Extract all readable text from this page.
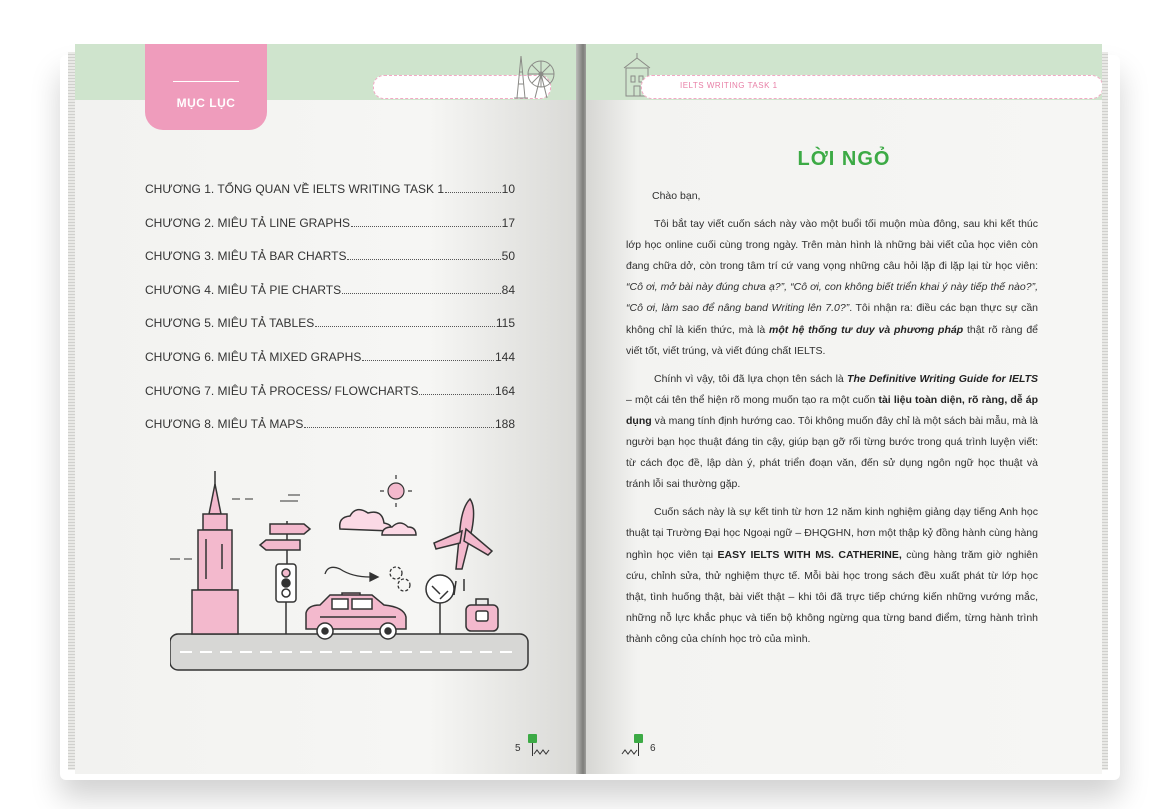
MỤC LỤC
CHƯƠNG 1. TỔNG QUAN VỀ IELTS WRITING TASK 1	10
CHƯƠNG 2. MIÊU TẢ LINE GRAPHS	17
CHƯƠNG 3. MIÊU TẢ BAR CHARTS	50
CHƯƠNG 4. MIÊU TẢ PIE CHARTS	84
CHƯƠNG 5. MIÊU TẢ TABLES	115
CHƯƠNG 6. MIÊU TẢ MIXED GRAPHS	144
CHƯƠNG 7. MIÊU TẢ PROCESS/ FLOWCHARTS	164
CHƯƠNG 8. MIÊU TẢ MAPS	188
5
IELTS WRITING TASK 1
LỜI NGỎ

Chào bạn,

Tôi bắt tay viết cuốn sách này vào một buổi tối muộn mùa đông, sau khi kết thúc lớp học online cuối cùng trong ngày. Trên màn hình là những bài viết của học viên còn đang chữa dở, còn trong tâm trí cứ vang vọng những câu hỏi lặp đi lặp lại từ học viên: “Cô ơi, mở bài này đúng chưa ạ?”, “Cô ơi, con không biết triển khai ý này tiếp thế nào?”, “Cô ơi, làm sao để nâng band Writing lên 7.0?”. Tôi nhận ra: điều các bạn thực sự cần không chỉ là kiến thức, mà là một hệ thống tư duy và phương pháp thật rõ ràng để viết tốt, viết trúng, và viết đúng chất IELTS.

Chính vì vậy, tôi đã lựa chọn tên sách là The Definitive Writing Guide for IELTS – một cái tên thể hiện rõ mong muốn tạo ra một cuốn tài liệu toàn diện, rõ ràng, dễ áp dụng và mang tính định hướng cao. Tôi không muốn đây chỉ là một sách bài mẫu, mà là người bạn học thuật đáng tin cậy, giúp bạn gỡ rối từng bước trong quá trình luyện viết: từ cách đọc đề, lập dàn ý, phát triển đoạn văn, đến sử dụng ngôn ngữ học thuật và tránh lỗi sai thường gặp.

Cuốn sách này là sự kết tinh từ hơn 12 năm kinh nghiệm giảng dạy tiếng Anh học thuật tại Trường Đại học Ngoại ngữ – ĐHQGHN, hơn một thập kỷ đồng hành cùng hàng nghìn học viên tại EASY IELTS WITH MS. CATHERINE, cùng hàng trăm giờ nghiên cứu, chỉnh sửa, thử nghiệm thực tế. Mỗi bài học trong sách đều xuất phát từ lớp học thật, tình huống thật, bài viết thật – khi tôi đã trực tiếp chứng kiến những vướng mắc, những nỗ lực khắc phục và tiến bộ không ngừng qua từng band điểm, từng hành trình thành công của chính học trò của mình.

6
